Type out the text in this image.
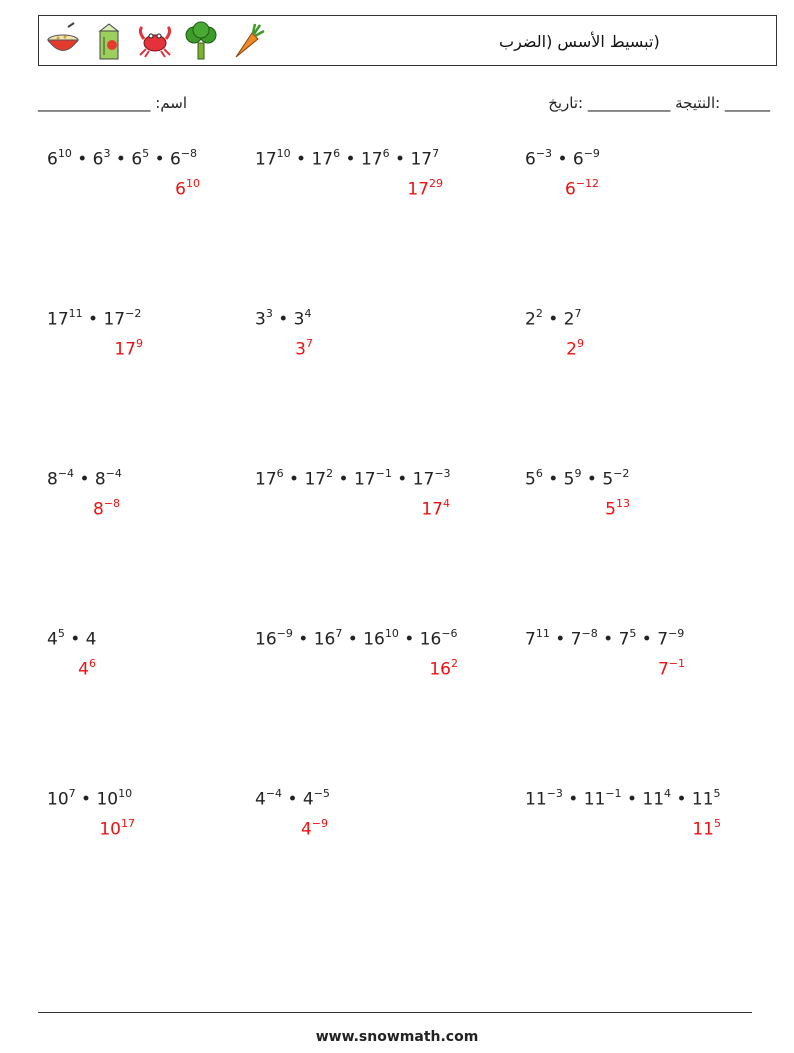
(تبسيط الأسس (الضرب
_______________ :اسم	النتيجة ___________ :تاريخ: ______
$6^{10}$ • $6^3$ • $6^5$ • $6^{-8}$
$6^{10}$
$17^{10}$ • $17^6$ • $17^6$ • $17^7$
$17^{29}$
$6^{-3}$ • $6^{-9}$
$6^{-12}$
$17^{11}$ • $17^{-2}$
$17^9$
$3^3$ • $3^4$
$3^7$
$2^2$ • $2^7$
$2^9$
$8^{-4}$ • $8^{-4}$
$8^{-8}$
$17^6$ • $17^2$ • $17^{-1}$ • $17^{-3}$
$17^4$
$5^6$ • $5^9$ • $5^{-2}$
$5^{13}$
$4^5$ • 4
$4^6$
$16^{-9}$ • $16^7$ • $16^{10}$ • $16^{-6}$
$16^2$
$7^{11}$ • $7^{-8}$ • $7^5$ • $7^{-9}$
$7^{-1}$
$10^7$ • $10^{10}$
$10^{17}$
$4^{-4}$ • $4^{-5}$
$4^{-9}$
$11^{-3}$ • $11^{-1}$ • $11^4$ • $11^5$
$11^5$
www.snowmath.com
